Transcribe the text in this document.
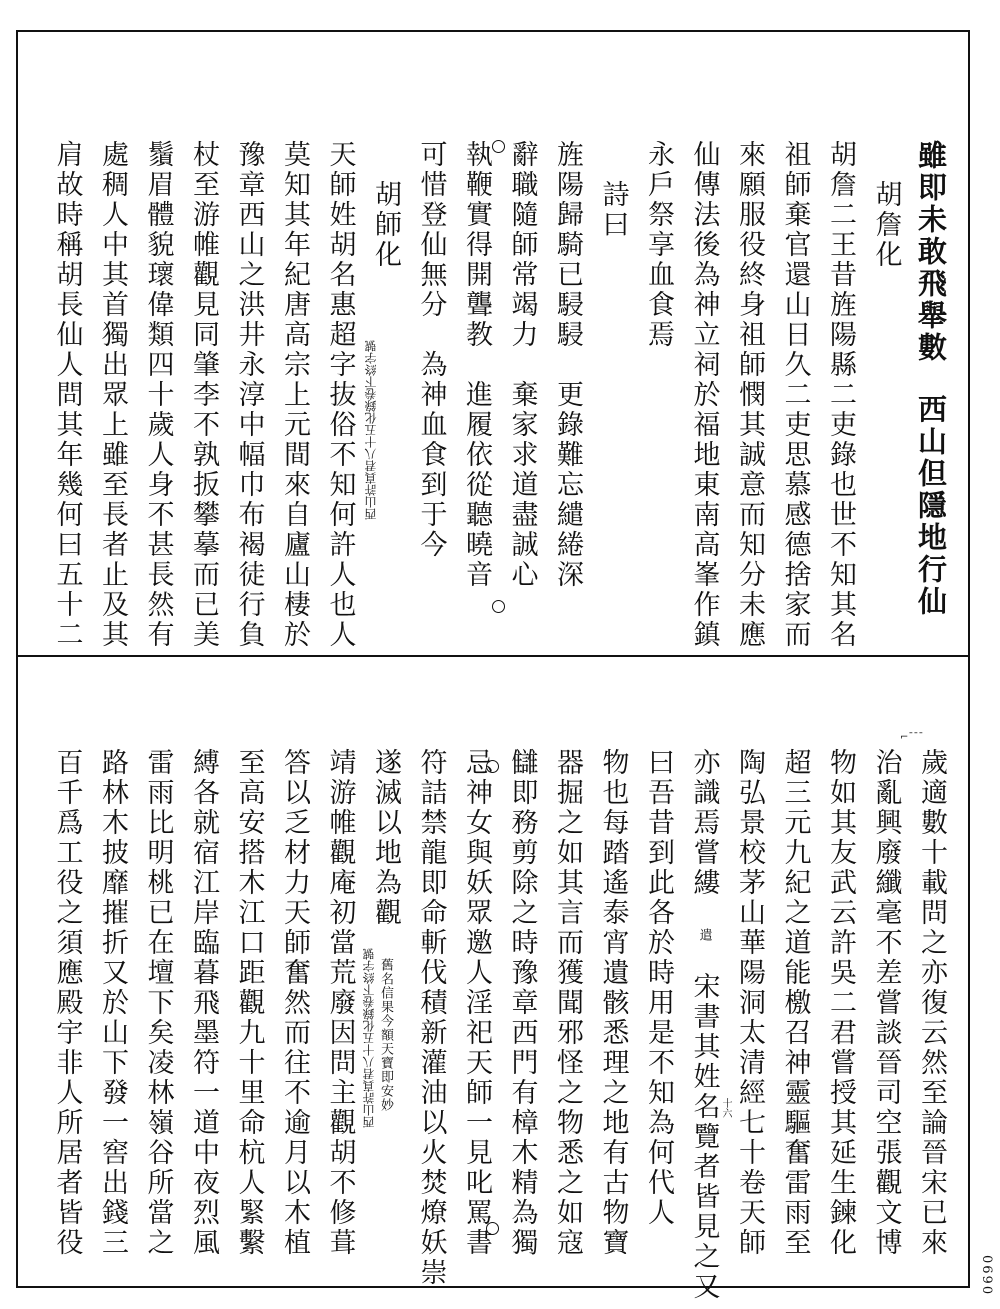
0690
西山許真君八十五化錄卷下終字號
雖即未敢飛舉數西山但隱地行仙
胡詹化
胡詹二王昔旌陽縣二吏錄也世不知其名
祖師棄官還山日久二吏思慕感德捨家而
來願服役終身祖師憫其誠意而知分未應
仙傳法後為神立祠於福地東南高峯作鎮
永戶祭享血食焉
詩曰
旌陽歸騎已駸駸更錄難忘繾綣深
辭職隨師常竭力棄家求道盡誠心
執鞭實得開聾教進履依從聽曉音
可惜登仙無分為神血食到于今
胡師化
天師姓胡名惠超字抜俗不知何許人也人
莫知其年紀唐高宗上元間來自廬山棲於
豫章西山之洪井永淳中幅巾布褐徒行負
杖至游帷觀見同肇李不孰扳攀摹而已美
鬚眉體貌瓌偉類四十歲人身不甚長然有
處稠人中其首獨出眾上雖至長者止及其
肩故時稱胡長仙人問其年幾何曰五十二
西山許真君八十五化錄卷下終字號
⌐¯¯¯
十六	歲適數十載問之亦復云然至論晉宋已來
治亂興廢纖毫不差嘗談晉司空張觀文博
物如其友武云許吳二君嘗授其延生鍊化
超三元九紀之道能檄召神靈驅奮雷雨至
陶弘景校茅山華陽洞太清經七十卷天師
亦識焉嘗縷遣宋書其姓名覽者皆見之又
曰吾昔到此各於時用是不知為何代人
物也每踏遙泰宵遺骸悉理之地有古物寶
器掘之如其言而獲聞邪怪之物悉之如寇
讎即務剪除之時豫章西門有樟木精為獨
忌神女與妖眾邀人淫祀天師一見叱罵書
符詰禁龍即命斬伐積新灌油以火焚燎妖崇
遂滅以地為觀舊名信果今額天寶即安妙
靖游帷觀庵初當荒廢因問主觀胡不修葺
答以乏材力天師奮然而往不逾月以木植
至高安搭木江口距觀九十里命杭人緊繫
縛各就宿江岸臨暮飛墨符一道中夜烈風
雷雨比明桃已在壇下矣凌林嶺谷所當之
路林木披靡摧折又於山下發一窖出錢三
百千爲工役之須應殿宇非人所居者皆役
